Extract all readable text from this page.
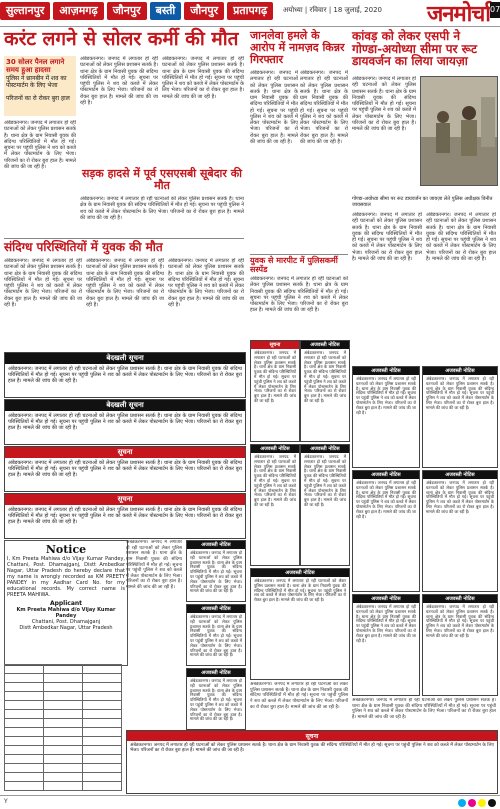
सुल्तानपुर	आज़मगढ़	जौनपुर	बस्ती	जौनपुर	प्रतापगढ़	अयोध्या | रविवार | 18 जुलाई, 2020 जनमोर्चा 07
करंट लगने से सोलर कर्मी की मौत
30 सोलर पैनल लगाने समय हुआ हादसा
पुलिस ने छानबीन में शव का पोस्टमार्टम के लिए भेजा
परिजनों का रो रोकर बुरा हाल
अंबेडकरनगर। जनपद में लगातार हो रही घटनाओं को लेकर पुलिस प्रशासन सतर्क है। थाना क्षेत्र के ग्राम निवासी युवक की संदिग्ध परिस्थितियों में मौत हो गई। सूचना पर पहुंची पुलिस ने शव को कब्जे में लेकर पोस्टमार्टम के लिए भेजा। परिजनों का रो रोकर बुरा हाल है। मामले की जांच की जा रही है।
अंबेडकरनगर। जनपद में लगातार हो रही घटनाओं को लेकर पुलिस प्रशासन सतर्क है। थाना क्षेत्र के ग्राम निवासी युवक की संदिग्ध परिस्थितियों में मौत हो गई। सूचना पर पहुंची पुलिस ने शव को कब्जे में लेकर पोस्टमार्टम के लिए भेजा। परिजनों का रो रोकर बुरा हाल है। मामले की जांच की जा रही है।
अंबेडकरनगर। जनपद में लगातार हो रही घटनाओं को लेकर पुलिस प्रशासन सतर्क है। थाना क्षेत्र के ग्राम निवासी युवक की संदिग्ध परिस्थितियों में मौत हो गई। सूचना पर पहुंची पुलिस ने शव को कब्जे में लेकर पोस्टमार्टम के लिए भेजा। परिजनों का रो रोकर बुरा हाल है। मामले की जांच की जा रही है।
सड़क हादसे में पूर्व एसएसबी सूबेदार की मौत
अंबेडकरनगर। जनपद में लगातार हो रही घटनाओं को लेकर पुलिस प्रशासन सतर्क है। थाना क्षेत्र के ग्राम निवासी युवक की संदिग्ध परिस्थितियों में मौत हो गई। सूचना पर पहुंची पुलिस ने शव को कब्जे में लेकर पोस्टमार्टम के लिए भेजा। परिजनों का रो रोकर बुरा हाल है। मामले की जांच की जा रही है।
संदिग्ध परिस्थितियों में युवक की मौत
अंबेडकरनगर। जनपद में लगातार हो रही घटनाओं को लेकर पुलिस प्रशासन सतर्क है। थाना क्षेत्र के ग्राम निवासी युवक की संदिग्ध परिस्थितियों में मौत हो गई। सूचना पर पहुंची पुलिस ने शव को कब्जे में लेकर पोस्टमार्टम के लिए भेजा। परिजनों का रो रोकर बुरा हाल है। मामले की जांच की जा रही है।
अंबेडकरनगर। जनपद में लगातार हो रही घटनाओं को लेकर पुलिस प्रशासन सतर्क है। थाना क्षेत्र के ग्राम निवासी युवक की संदिग्ध परिस्थितियों में मौत हो गई। सूचना पर पहुंची पुलिस ने शव को कब्जे में लेकर पोस्टमार्टम के लिए भेजा। परिजनों का रो रोकर बुरा हाल है। मामले की जांच की जा रही है।
अंबेडकरनगर। जनपद में लगातार हो रही घटनाओं को लेकर पुलिस प्रशासन सतर्क है। थाना क्षेत्र के ग्राम निवासी युवक की संदिग्ध परिस्थितियों में मौत हो गई। सूचना पर पहुंची पुलिस ने शव को कब्जे में लेकर पोस्टमार्टम के लिए भेजा। परिजनों का रो रोकर बुरा हाल है। मामले की जांच की जा रही है।
बेदखली सूचना
अंबेडकरनगर। जनपद में लगातार हो रही घटनाओं को लेकर पुलिस प्रशासन सतर्क है। थाना क्षेत्र के ग्राम निवासी युवक की संदिग्ध परिस्थितियों में मौत हो गई। सूचना पर पहुंची पुलिस ने शव को कब्जे में लेकर पोस्टमार्टम के लिए भेजा। परिजनों का रो रोकर बुरा हाल है। मामले की जांच की जा रही है।
बेदखली सूचना
अंबेडकरनगर। जनपद में लगातार हो रही घटनाओं को लेकर पुलिस प्रशासन सतर्क है। थाना क्षेत्र के ग्राम निवासी युवक की संदिग्ध परिस्थितियों में मौत हो गई। सूचना पर पहुंची पुलिस ने शव को कब्जे में लेकर पोस्टमार्टम के लिए भेजा। परिजनों का रो रोकर बुरा हाल है। मामले की जांच की जा रही है।
सूचना
अंबेडकरनगर। जनपद में लगातार हो रही घटनाओं को लेकर पुलिस प्रशासन सतर्क है। थाना क्षेत्र के ग्राम निवासी युवक की संदिग्ध परिस्थितियों में मौत हो गई। सूचना पर पहुंची पुलिस ने शव को कब्जे में लेकर पोस्टमार्टम के लिए भेजा। परिजनों का रो रोकर बुरा हाल है। मामले की जांच की जा रही है।
सूचना
अंबेडकरनगर। जनपद में लगातार हो रही घटनाओं को लेकर पुलिस प्रशासन सतर्क है। थाना क्षेत्र के ग्राम निवासी युवक की संदिग्ध परिस्थितियों में मौत हो गई। सूचना पर पहुंची पुलिस ने शव को कब्जे में लेकर पोस्टमार्टम के लिए भेजा। परिजनों का रो रोकर बुरा हाल है। मामले की जांच की जा रही है।
Notice
I, Km Preeta Mahiwa d/o Vijay Kumar Pandey, Chattani, Post. Dhamajganj, Distt Ambedkar Nagar, Uttar Pradesh do hereby declare that my name is wrongly recorded as KM PREETY PANDEY in my Aadhar Card No. for my educational records. My correct name is PREETA MAHIWA.
Applicant
Km Preeta Mahiwa d/o Vijay Kumar Pandey
Chattani, Post. Dhamajganj
Distt Ambedkar Nagar, Uttar Pradesh

अंबेडकरनगर। जनपद में लगातार हो रही घटनाओं को लेकर पुलिस प्रशासन सतर्क है। थाना क्षेत्र के ग्राम निवासी युवक की संदिग्ध परिस्थितियों में मौत हो गई। सूचना पर पहुंची पुलिस ने शव को कब्जे में लेकर पोस्टमार्टम के लिए भेजा। परिजनों का रो रोकर बुरा हाल है। मामले की जांच की जा रही है।
अजवस्ती नोटिस
अंबेडकरनगर। जनपद में लगातार हो रही घटनाओं को लेकर पुलिस प्रशासन सतर्क है। थाना क्षेत्र के ग्राम निवासी युवक की संदिग्ध परिस्थितियों में मौत हो गई। सूचना पर पहुंची पुलिस ने शव को कब्जे में लेकर पोस्टमार्टम के लिए भेजा। परिजनों का रो रोकर बुरा हाल है। मामले की जांच की जा रही है।
अजवस्ती नोटिस
अंबेडकरनगर। जनपद में लगातार हो रही घटनाओं को लेकर पुलिस प्रशासन सतर्क है। थाना क्षेत्र के ग्राम निवासी युवक की संदिग्ध परिस्थितियों में मौत हो गई। सूचना पर पहुंची पुलिस ने शव को कब्जे में लेकर पोस्टमार्टम के लिए भेजा। परिजनों का रो रोकर बुरा हाल है। मामले की जांच की जा रही है।
अजवस्ती नोटिस
अंबेडकरनगर। जनपद में लगातार हो रही घटनाओं को लेकर पुलिस प्रशासन सतर्क है। थाना क्षेत्र के ग्राम निवासी युवक की संदिग्ध परिस्थितियों में मौत हो गई। सूचना पर पहुंची पुलिस ने शव को कब्जे में लेकर पोस्टमार्टम के लिए भेजा। परिजनों का रो रोकर बुरा हाल है। मामले की जांच की जा रही है।
जानलेवा हमले के आरोप में नामज़द किन्नर गिरफ्तार
अंबेडकरनगर। जनपद में लगातार हो रही घटनाओं को लेकर पुलिस प्रशासन सतर्क है। थाना क्षेत्र के ग्राम निवासी युवक की संदिग्ध परिस्थितियों में मौत हो गई। सूचना पर पहुंची पुलिस ने शव को कब्जे में लेकर पोस्टमार्टम के लिए भेजा। परिजनों का रो रोकर बुरा हाल है। मामले की जांच की जा रही है।
अंबेडकरनगर। जनपद में लगातार हो रही घटनाओं को लेकर पुलिस प्रशासन सतर्क है। थाना क्षेत्र के ग्राम निवासी युवक की संदिग्ध परिस्थितियों में मौत हो गई। सूचना पर पहुंची पुलिस ने शव को कब्जे में लेकर पोस्टमार्टम के लिए भेजा। परिजनों का रो रोकर बुरा हाल है। मामले की जांच की जा रही है।
कांवड़ को लेकर एसपी ने गोण्डा-अयोध्या सीमा पर रूट डायवर्जन का लिया जायज़ा
अंबेडकरनगर। जनपद में लगातार हो रही घटनाओं को लेकर पुलिस प्रशासन सतर्क है। थाना क्षेत्र के ग्राम निवासी युवक की संदिग्ध परिस्थितियों में मौत हो गई। सूचना पर पहुंची पुलिस ने शव को कब्जे में लेकर पोस्टमार्टम के लिए भेजा। परिजनों का रो रोकर बुरा हाल है। मामले की जांच की जा रही है।
गोण्डा-अयोध्या सीमा पर रूट डायवर्जन का जायज़ा लेते पुलिस अधीक्षक विनीत जायसवाल
अंबेडकरनगर। जनपद में लगातार हो रही घटनाओं को लेकर पुलिस प्रशासन सतर्क है। थाना क्षेत्र के ग्राम निवासी युवक की संदिग्ध परिस्थितियों में मौत हो गई। सूचना पर पहुंची पुलिस ने शव को कब्जे में लेकर पोस्टमार्टम के लिए भेजा। परिजनों का रो रोकर बुरा हाल है। मामले की जांच की जा रही है।
अंबेडकरनगर। जनपद में लगातार हो रही घटनाओं को लेकर पुलिस प्रशासन सतर्क है। थाना क्षेत्र के ग्राम निवासी युवक की संदिग्ध परिस्थितियों में मौत हो गई। सूचना पर पहुंची पुलिस ने शव को कब्जे में लेकर पोस्टमार्टम के लिए भेजा। परिजनों का रो रोकर बुरा हाल है। मामले की जांच की जा रही है।
युवक से मारपीट में पुलिसकर्मी सस्पेंड
अंबेडकरनगर। जनपद में लगातार हो रही घटनाओं को लेकर पुलिस प्रशासन सतर्क है। थाना क्षेत्र के ग्राम निवासी युवक की संदिग्ध परिस्थितियों में मौत हो गई। सूचना पर पहुंची पुलिस ने शव को कब्जे में लेकर पोस्टमार्टम के लिए भेजा। परिजनों का रो रोकर बुरा हाल है। मामले की जांच की जा रही है।
सूचना
अंबेडकरनगर। जनपद में लगातार हो रही घटनाओं को लेकर पुलिस प्रशासन सतर्क है। थाना क्षेत्र के ग्राम निवासी युवक की संदिग्ध परिस्थितियों में मौत हो गई। सूचना पर पहुंची पुलिस ने शव को कब्जे में लेकर पोस्टमार्टम के लिए भेजा। परिजनों का रो रोकर बुरा हाल है। मामले की जांच की जा रही है।
अजवस्ती नोटिस
अंबेडकरनगर। जनपद में लगातार हो रही घटनाओं को लेकर पुलिस प्रशासन सतर्क है। थाना क्षेत्र के ग्राम निवासी युवक की संदिग्ध परिस्थितियों में मौत हो गई। सूचना पर पहुंची पुलिस ने शव को कब्जे में लेकर पोस्टमार्टम के लिए भेजा। परिजनों का रो रोकर बुरा हाल है। मामले की जांच की जा रही है।
अजवस्ती नोटिस
अंबेडकरनगर। जनपद में लगातार हो रही घटनाओं को लेकर पुलिस प्रशासन सतर्क है। थाना क्षेत्र के ग्राम निवासी युवक की संदिग्ध परिस्थितियों में मौत हो गई। सूचना पर पहुंची पुलिस ने शव को कब्जे में लेकर पोस्टमार्टम के लिए भेजा। परिजनों का रो रोकर बुरा हाल है। मामले की जांच की जा रही है।
अजवस्ती नोटिस
अंबेडकरनगर। जनपद में लगातार हो रही घटनाओं को लेकर पुलिस प्रशासन सतर्क है। थाना क्षेत्र के ग्राम निवासी युवक की संदिग्ध परिस्थितियों में मौत हो गई। सूचना पर पहुंची पुलिस ने शव को कब्जे में लेकर पोस्टमार्टम के लिए भेजा। परिजनों का रो रोकर बुरा हाल है। मामले की जांच की जा रही है।
अजवस्ती नोटिस
अंबेडकरनगर। जनपद में लगातार हो रही घटनाओं को लेकर पुलिस प्रशासन सतर्क है। थाना क्षेत्र के ग्राम निवासी युवक की संदिग्ध परिस्थितियों में मौत हो गई। सूचना पर पहुंची पुलिस ने शव को कब्जे में लेकर पोस्टमार्टम के लिए भेजा। परिजनों का रो रोकर बुरा हाल है। मामले की जांच की जा रही है।
अजवस्ती नोटिस
अंबेडकरनगर। जनपद में लगातार हो रही घटनाओं को लेकर पुलिस प्रशासन सतर्क है। थाना क्षेत्र के ग्राम निवासी युवक की संदिग्ध परिस्थितियों में मौत हो गई। सूचना पर पहुंची पुलिस ने शव को कब्जे में लेकर पोस्टमार्टम के लिए भेजा। परिजनों का रो रोकर बुरा हाल है। मामले की जांच की जा रही है।
अजवस्ती नोटिस
अंबेडकरनगर। जनपद में लगातार हो रही घटनाओं को लेकर पुलिस प्रशासन सतर्क है। थाना क्षेत्र के ग्राम निवासी युवक की संदिग्ध परिस्थितियों में मौत हो गई। सूचना पर पहुंची पुलिस ने शव को कब्जे में लेकर पोस्टमार्टम के लिए भेजा। परिजनों का रो रोकर बुरा हाल है। मामले की जांच की जा रही है।
अजवस्ती नोटिस
अंबेडकरनगर। जनपद में लगातार हो रही घटनाओं को लेकर पुलिस प्रशासन सतर्क है। थाना क्षेत्र के ग्राम निवासी युवक की संदिग्ध परिस्थितियों में मौत हो गई। सूचना पर पहुंची पुलिस ने शव को कब्जे में लेकर पोस्टमार्टम के लिए भेजा। परिजनों का रो रोकर बुरा हाल है। मामले की जांच की जा रही है।
अजवस्ती नोटिस
अंबेडकरनगर। जनपद में लगातार हो रही घटनाओं को लेकर पुलिस प्रशासन सतर्क है। थाना क्षेत्र के ग्राम निवासी युवक की संदिग्ध परिस्थितियों में मौत हो गई। सूचना पर पहुंची पुलिस ने शव को कब्जे में लेकर पोस्टमार्टम के लिए भेजा। परिजनों का रो रोकर बुरा हाल है। मामले की जांच की जा रही है।	अजवस्ती नोटिस
अंबेडकरनगर। जनपद में लगातार हो रही घटनाओं को लेकर पुलिस प्रशासन सतर्क है। थाना क्षेत्र के ग्राम निवासी युवक की संदिग्ध परिस्थितियों में मौत हो गई। सूचना पर पहुंची पुलिस ने शव को कब्जे में लेकर पोस्टमार्टम के लिए भेजा। परिजनों का रो रोकर बुरा हाल है। मामले की जांच की जा रही है।
अजवस्ती नोटिस
अंबेडकरनगर। जनपद में लगातार हो रही घटनाओं को लेकर पुलिस प्रशासन सतर्क है। थाना क्षेत्र के ग्राम निवासी युवक की संदिग्ध परिस्थितियों में मौत हो गई। सूचना पर पहुंची पुलिस ने शव को कब्जे में लेकर पोस्टमार्टम के लिए भेजा। परिजनों का रो रोकर बुरा हाल है। मामले की जांच की जा रही है।
सूचना
अंबेडकरनगर। जनपद में लगातार हो रही घटनाओं को लेकर पुलिस प्रशासन सतर्क है। थाना क्षेत्र के ग्राम निवासी युवक की संदिग्ध परिस्थितियों में मौत हो गई। सूचना पर पहुंची पुलिस ने शव को कब्जे में लेकर पोस्टमार्टम के लिए भेजा। परिजनों का रो रोकर बुरा हाल है। मामले की जांच की जा रही है।
अंबेडकरनगर। जनपद में लगातार हो रही घटनाओं को लेकर पुलिस प्रशासन सतर्क है। थाना क्षेत्र के ग्राम निवासी युवक की संदिग्ध परिस्थितियों में मौत हो गई। सूचना पर पहुंची पुलिस ने शव को कब्जे में लेकर पोस्टमार्टम के लिए भेजा। परिजनों का रो रोकर बुरा हाल है। मामले की जांच की जा रही है।
अंबेडकरनगर। जनपद में लगातार हो रही घटनाओं को लेकर पुलिस प्रशासन सतर्क है। थाना क्षेत्र के ग्राम निवासी युवक की संदिग्ध परिस्थितियों में मौत हो गई। सूचना पर पहुंची पुलिस ने शव को कब्जे में लेकर पोस्टमार्टम के लिए भेजा। परिजनों का रो रोकर बुरा हाल है। मामले की जांच की जा रही है।
Y
